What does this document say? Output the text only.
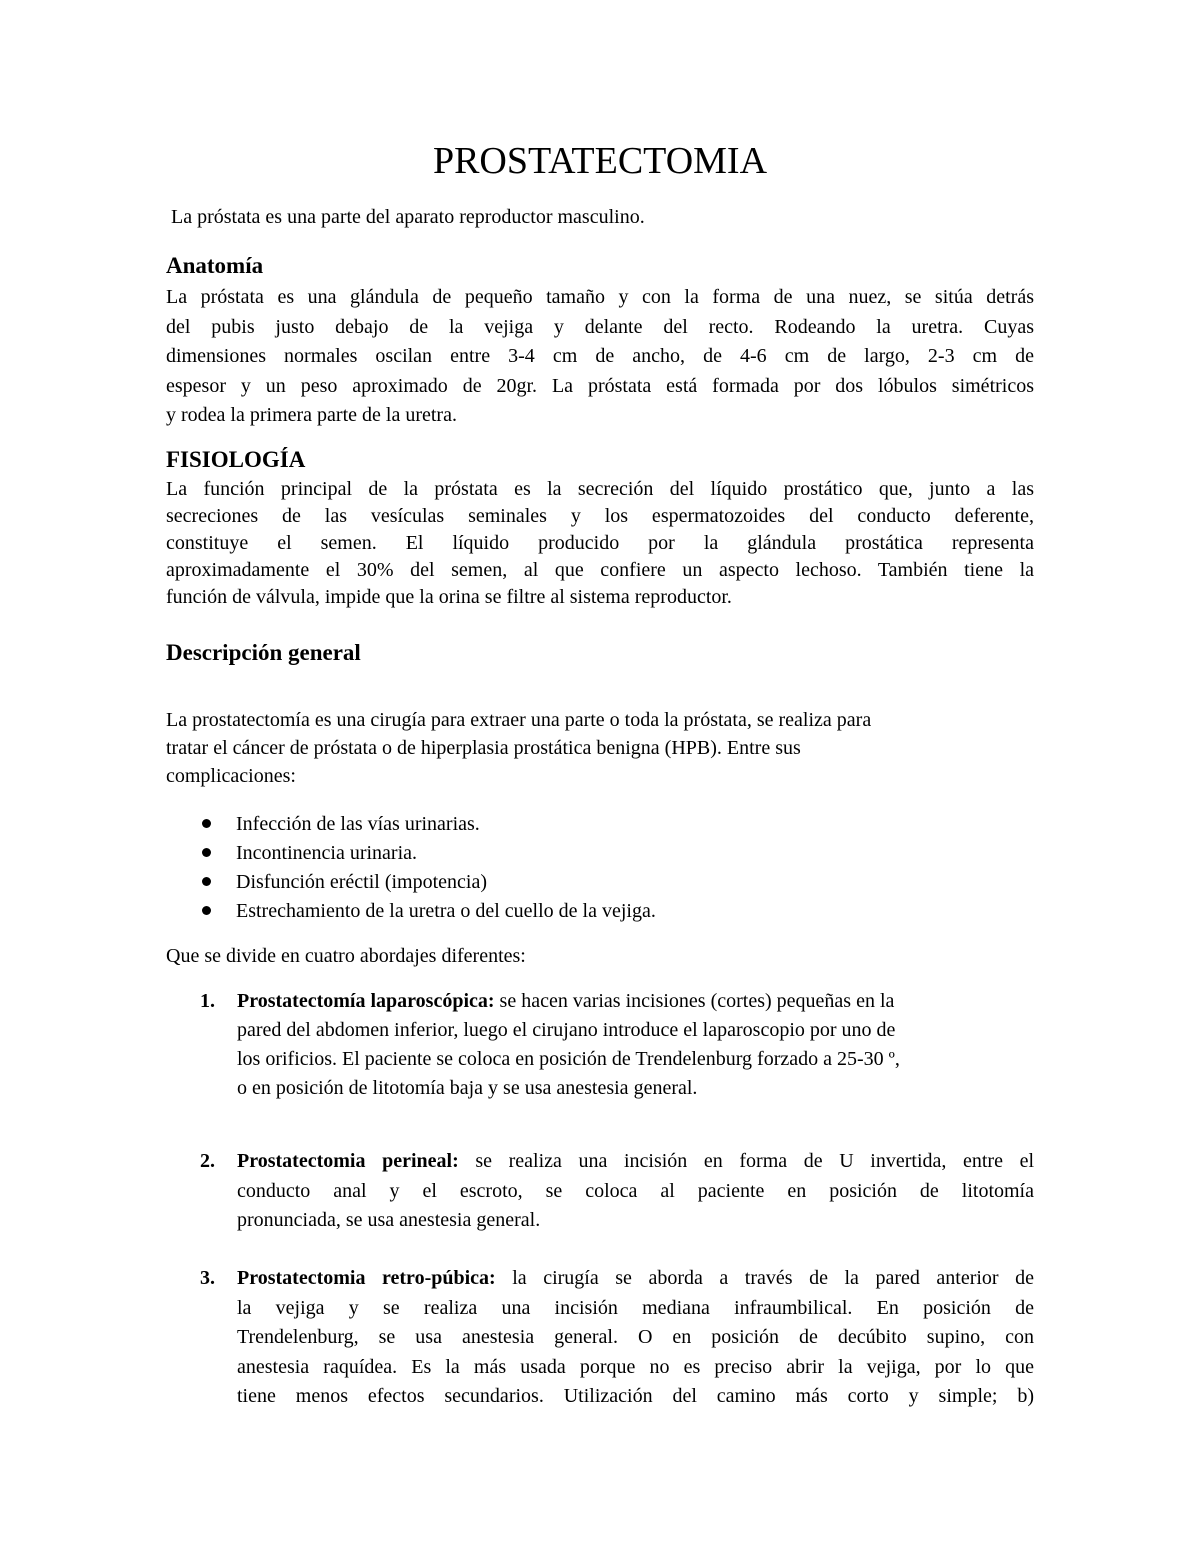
PROSTATECTOMIA
La próstata es una parte del aparato reproductor masculino.
Anatomía
La próstata es una glándula de pequeño tamaño y con la forma de una nuez, se sitúa detrás
del pubis justo debajo de la vejiga y delante del recto. Rodeando la uretra. Cuyas
dimensiones normales oscilan entre 3-4 cm de ancho, de 4-6 cm de largo, 2-3 cm de
espesor y un peso aproximado de 20gr. La próstata está formada por dos lóbulos simétricos
y rodea la primera parte de la uretra.
FISIOLOGÍA
La función principal de la próstata es la secreción del líquido prostático que, junto a las
secreciones de las vesículas seminales y los espermatozoides del conducto deferente,
constituye el semen. El líquido producido por la glándula prostática representa
aproximadamente el 30% del semen, al que confiere un aspecto lechoso. También tiene la
función de válvula, impide que la orina se filtre al sistema reproductor.
Descripción general
La prostatectomía es una cirugía para extraer una parte o toda la próstata, se realiza para
tratar el cáncer de próstata o de hiperplasia prostática benigna (HPB). Entre sus
complicaciones:
Infección de las vías urinarias.
Incontinencia urinaria.
Disfunción eréctil (impotencia)
Estrechamiento de la uretra o del cuello de la vejiga.
Que se divide en cuatro abordajes diferentes:
1. Prostatectomía laparoscópica: se hacen varias incisiones (cortes) pequeñas en la
pared del abdomen inferior, luego el cirujano introduce el laparoscopio por uno de
los orificios. El paciente se coloca en posición de Trendelenburg forzado a 25-30 º,
o en posición de litotomía baja y se usa anestesia general.
2. Prostatectomia perineal: se realiza una incisión en forma de U invertida, entre el
conducto anal y el escroto, se coloca al paciente en posición de litotomía
pronunciada, se usa anestesia general.
3. Prostatectomia retro-púbica: la cirugía se aborda a través de la pared anterior de
la vejiga y se realiza una incisión mediana infraumbilical. En posición de
Trendelenburg, se usa anestesia general. O en posición de decúbito supino, con
anestesia raquídea. Es la más usada porque no es preciso abrir la vejiga, por lo que
tiene menos efectos secundarios. Utilización del camino más corto y simple; b)
